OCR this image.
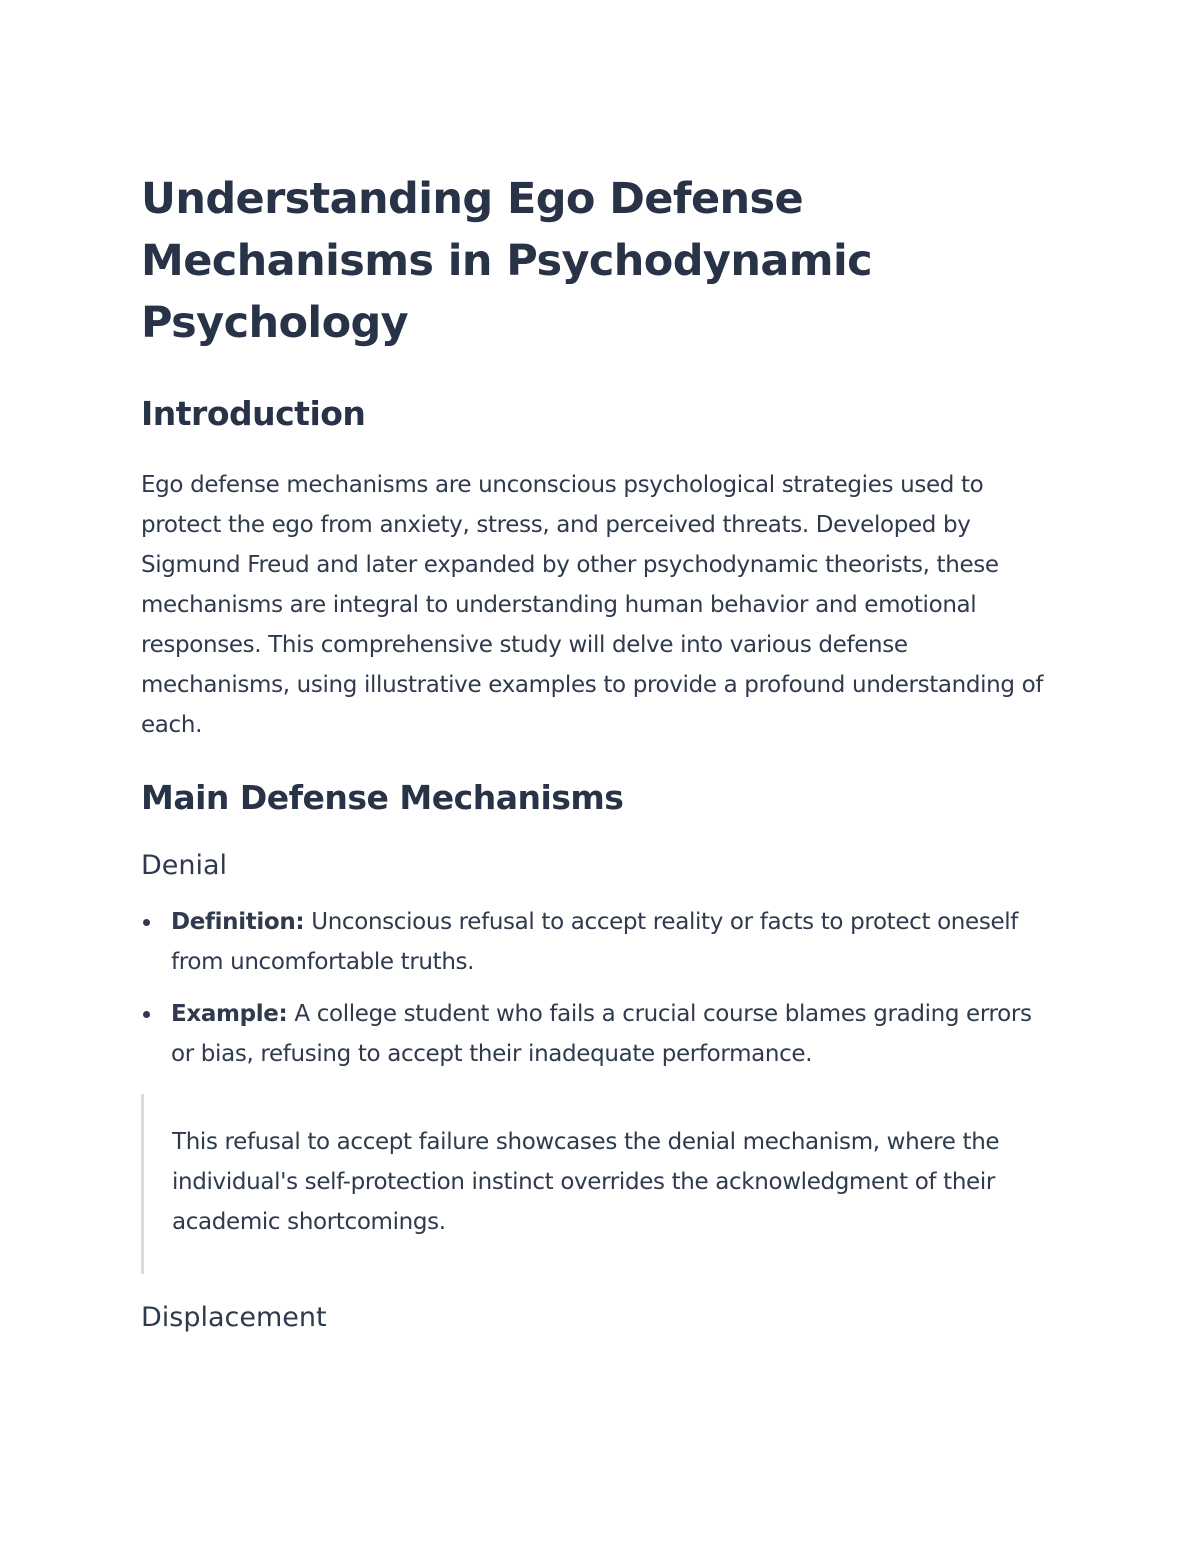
Understanding Ego Defense Mechanisms in Psychodynamic Psychology
Introduction

Ego defense mechanisms are unconscious psychological strategies used to protect the ego from anxiety, stress, and perceived threats. Developed by Sigmund Freud and later expanded by other psychodynamic theorists, these mechanisms are integral to understanding human behavior and emotional responses. This comprehensive study will delve into various defense mechanisms, using illustrative examples to provide a profound understanding of each.

Main Defense Mechanisms
Denial
Definition: Unconscious refusal to accept reality or facts to protect oneself from uncomfortable truths.
Example: A college student who fails a crucial course blames grading errors or bias, refusing to accept their inadequate performance.

This refusal to accept failure showcases the denial mechanism, where the individual's self-protection instinct overrides the acknowledgment of their academic shortcomings.

Displacement
